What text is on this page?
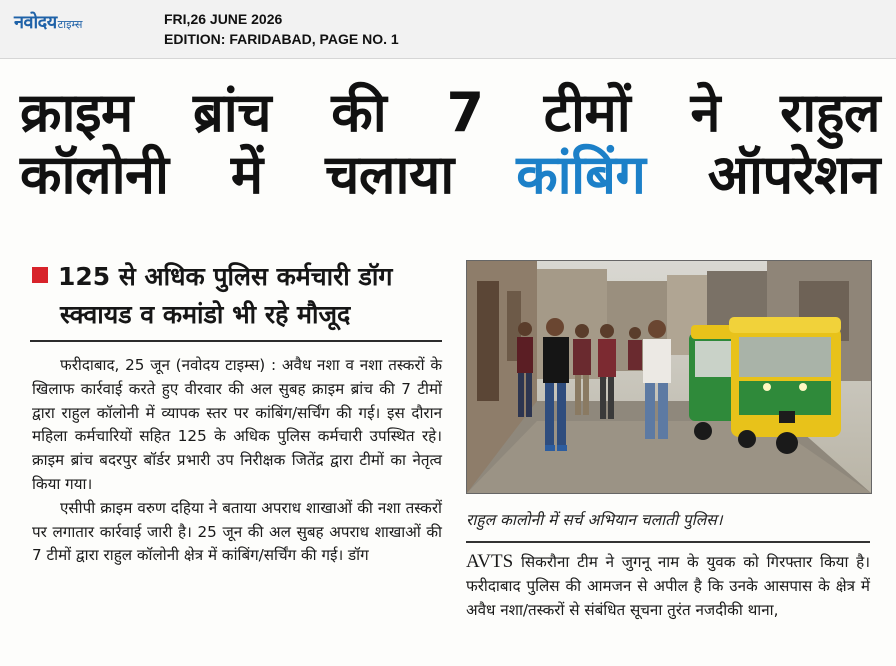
नवोदय टाइम्स	FRI,26 JUNE 2026
EDITION: FARIDABAD, PAGE NO. 1
क्राइम ब्रांच की 7 टीमों ने राहुल
कॉलोनी में चलाया कांबिंग ऑपरेशन
125 से अधिक पुलिस कर्मचारी डॉग
स्क्वायड व कमांडो भी रहे मौजूद

फरीदाबाद, 25 जून (नवोदय टाइम्स) : अवैध नशा व नशा तस्करों के खिलाफ कार्रवाई करते हुए वीरवार की अल सुबह क्राइम ब्रांच की 7 टीमों द्वारा राहुल कॉलोनी में व्यापक स्तर पर कांबिंग/सर्चिंग की गई। इस दौरान महिला कर्मचारियों सहित 125 के अधिक पुलिस कर्मचारी उपस्थित रहे। क्राइम ब्रांच बदरपुर बॉर्डर प्रभारी उप निरीक्षक जितेंद्र द्वारा टीमों का नेतृत्व किया गया।

एसीपी क्राइम वरुण दहिया ने बताया अपराध शाखाओं की नशा तस्करों पर लगातार कार्रवाई जारी है। 25 जून की अल सुबह अपराध शाखाओं की 7 टीमों द्वारा राहुल कॉलोनी क्षेत्र में कांबिंग/सर्चिंग की गई। डॉग

राहुल कालोनी में सर्च अभियान चलाती पुलिस।
AVTS सिकरौना टीम ने जुगनू नाम के युवक को गिरफ्तार किया है। फरीदाबाद पुलिस की आमजन से अपील है कि उनके आसपास के क्षेत्र में अवैध नशा/तस्करों से संबंधित सूचना तुरंत नजदीकी थाना,
